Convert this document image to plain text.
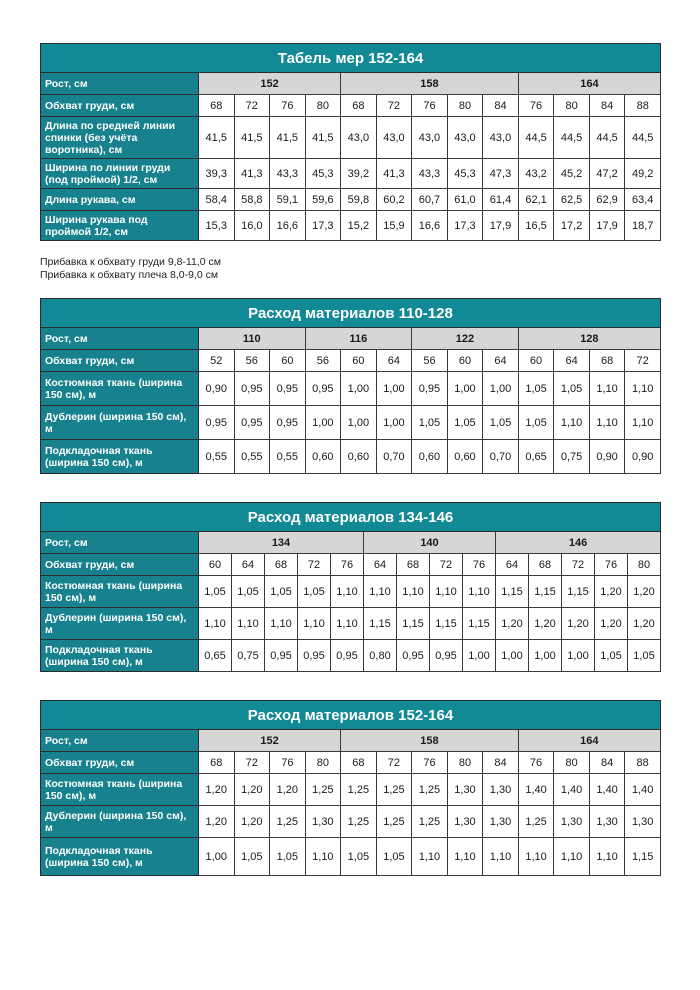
Табель мер 152-164													
Рост, см	152				158					164			
Обхват груди, см	68	72	76	80	68	72	76	80	84	76	80	84	88
Длина по средней линии спинки (без учёта воротника), см	41,5	41,5	41,5	41,5	43,0	43,0	43,0	43,0	43,0	44,5	44,5	44,5	44,5
Ширина по линии груди (под проймой) 1/2, см	39,3	41,3	43,3	45,3	39,2	41,3	43,3	45,3	47,3	43,2	45,2	47,2	49,2
Длина рукава, см	58,4	58,8	59,1	59,6	59,8	60,2	60,7	61,0	61,4	62,1	62,5	62,9	63,4
Ширина рукава под проймой 1/2, см	15,3	16,0	16,6	17,3	15,2	15,9	16,6	17,3	17,9	16,5	17,2	17,9	18,7
Прибавка к обхвату груди 9,8-11,0 см
Прибавка к обхвату плеча 8,0-9,0 см
Расход материалов 110-128													
Рост, см	110			116			122			128			
Обхват груди, см	52	56	60	56	60	64	56	60	64	60	64	68	72
Костюмная ткань (ширина 150 см), м	0,90	0,95	0,95	0,95	1,00	1,00	0,95	1,00	1,00	1,05	1,05	1,10	1,10
Дублерин (ширина 150 см), м	0,95	0,95	0,95	1,00	1,00	1,00	1,05	1,05	1,05	1,05	1,10	1,10	1,10
Подкладочная ткань (ширина 150 см), м	0,55	0,55	0,55	0,60	0,60	0,70	0,60	0,60	0,70	0,65	0,75	0,90	0,90
Расход материалов 134-146														
Рост, см	134					140				146				
Обхват груди, см	60	64	68	72	76	64	68	72	76	64	68	72	76	80
Костюмная ткань (ширина 150 см), м	1,05	1,05	1,05	1,05	1,10	1,10	1,10	1,10	1,10	1,15	1,15	1,15	1,20	1,20
Дублерин (ширина 150 см), м	1,10	1,10	1,10	1,10	1,10	1,15	1,15	1,15	1,15	1,20	1,20	1,20	1,20	1,20
Подкладочная ткань (ширина 150 см), м	0,65	0,75	0,95	0,95	0,95	0,80	0,95	0,95	1,00	1,00	1,00	1,00	1,05	1,05
Расход материалов 152-164													
Рост, см	152				158					164			
Обхват груди, см	68	72	76	80	68	72	76	80	84	76	80	84	88
Костюмная ткань (ширина 150 см), м	1,20	1,20	1,20	1,25	1,25	1,25	1,25	1,30	1,30	1,40	1,40	1,40	1,40
Дублерин (ширина 150 см), м	1,20	1,20	1,25	1,30	1,25	1,25	1,25	1,30	1,30	1,25	1,30	1,30	1,30
Подкладочная ткань (ширина 150 см), м	1,00	1,05	1,05	1,10	1,05	1,05	1,10	1,10	1,10	1,10	1,10	1,10	1,15
